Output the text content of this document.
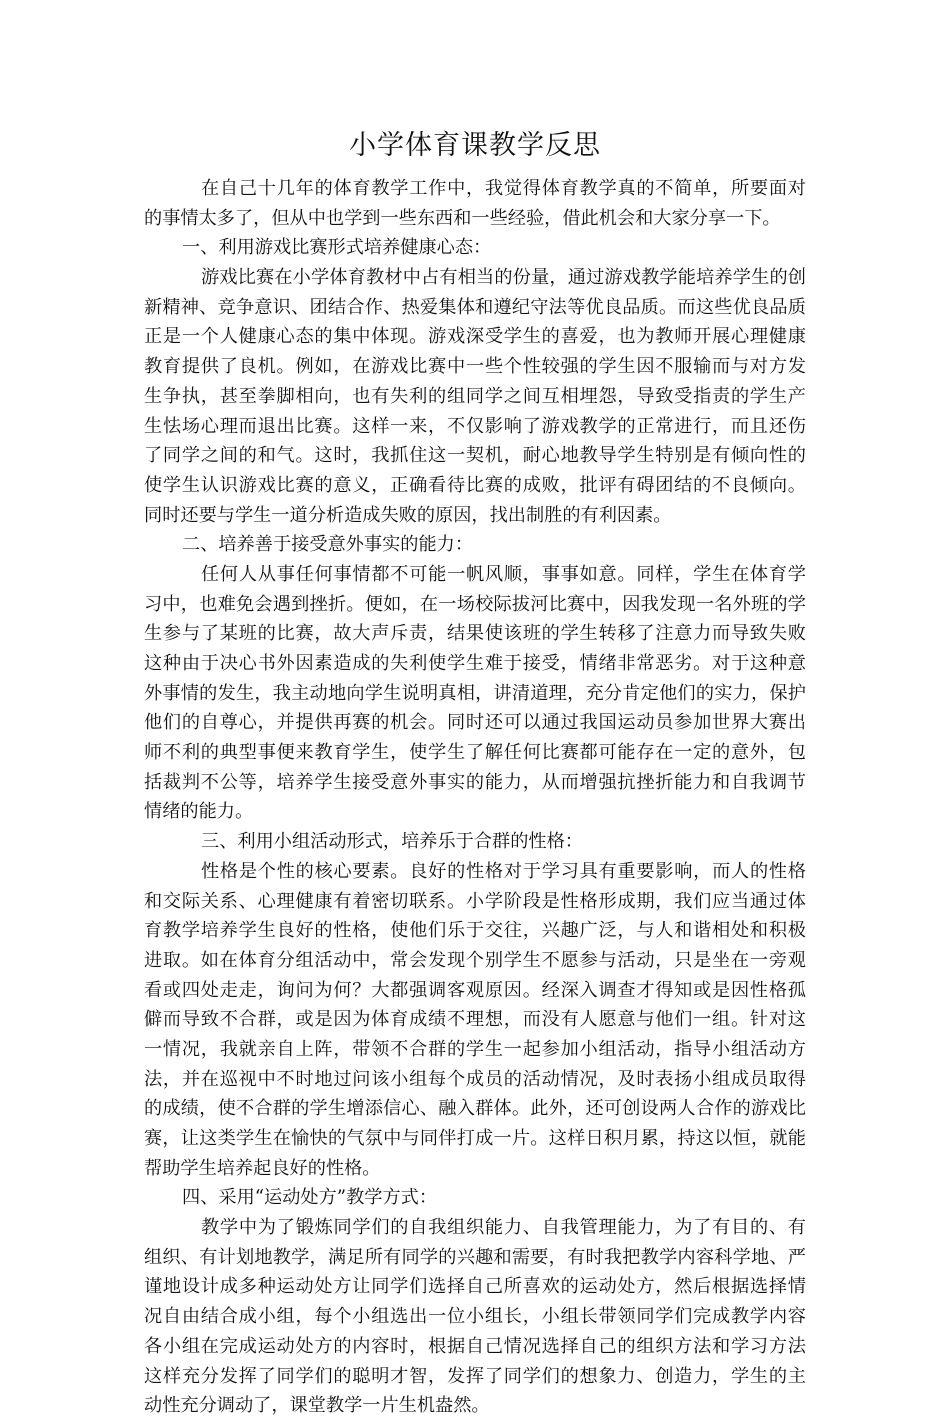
小学体育课教学反思
在自己十几年的体育教学工作中，我觉得体育教学真的不简单，所要面对
的事情太多了，但从中也学到一些东西和一些经验，借此机会和大家分享一下。
一、利用游戏比赛形式培养健康心态：
游戏比赛在小学体育教材中占有相当的份量，通过游戏教学能培养学生的创
新精神、竞争意识、团结合作、热爱集体和遵纪守法等优良品质。而这些优良品质
正是一个人健康心态的集中体现。游戏深受学生的喜爱，也为教师开展心理健康
教育提供了良机。例如，在游戏比赛中一些个性较强的学生因不服输而与对方发
生争执，甚至拳脚相向，也有失利的组同学之间互相埋怨，导致受指责的学生产
生怯场心理而退出比赛。这样一来，不仅影响了游戏教学的正常进行，而且还伤
了同学之间的和气。这时，我抓住这一契机，耐心地教导学生特别是有倾向性的
使学生认识游戏比赛的意义，正确看待比赛的成败，批评有碍团结的不良倾向。
同时还要与学生一道分析造成失败的原因，找出制胜的有利因素。
二、培养善于接受意外事实的能力：
任何人从事任何事情都不可能一帆风顺，事事如意。同样，学生在体育学
习中，也难免会遇到挫折。便如，在一场校际拔河比赛中，因我发现一名外班的学
生参与了某班的比赛，故大声斥责，结果使该班的学生转移了注意力而导致失败
这种由于决心书外因素造成的失利使学生难于接受，情绪非常恶劣。对于这种意
外事情的发生，我主动地向学生说明真相，讲清道理，充分肯定他们的实力，保护
他们的自尊心，并提供再赛的机会。同时还可以通过我国运动员参加世界大赛出
师不利的典型事便来教育学生，使学生了解任何比赛都可能存在一定的意外，包
括裁判不公等，培养学生接受意外事实的能力，从而增强抗挫折能力和自我调节
情绪的能力。
三、利用小组活动形式，培养乐于合群的性格：
性格是个性的核心要素。良好的性格对于学习具有重要影响，而人的性格
和交际关系、心理健康有着密切联系。小学阶段是性格形成期，我们应当通过体
育教学培养学生良好的性格，使他们乐于交往，兴趣广泛，与人和谐相处和积极
进取。如在体育分组活动中，常会发现个别学生不愿参与活动，只是坐在一旁观
看或四处走走，询问为何？大都强调客观原因。经深入调查才得知或是因性格孤
僻而导致不合群，或是因为体育成绩不理想，而没有人愿意与他们一组。针对这
一情况，我就亲自上阵，带领不合群的学生一起参加小组活动，指导小组活动方
法，并在巡视中不时地过问该小组每个成员的活动情况，及时表扬小组成员取得
的成绩，使不合群的学生增添信心、融入群体。此外，还可创设两人合作的游戏比
赛，让这类学生在愉快的气氛中与同伴打成一片。这样日积月累，持这以恒，就能
帮助学生培养起良好的性格。
四、采用“运动处方”教学方式：
教学中为了锻炼同学们的自我组织能力、自我管理能力，为了有目的、有
组织、有计划地教学，满足所有同学的兴趣和需要，有时我把教学内容科学地、严
谨地设计成多种运动处方让同学们选择自己所喜欢的运动处方，然后根据选择情
况自由结合成小组，每个小组选出一位小组长，小组长带领同学们完成教学内容
各小组在完成运动处方的内容时，根据自己情况选择自己的组织方法和学习方法
这样充分发挥了同学们的聪明才智，发挥了同学们的想象力、创造力，学生的主
动性充分调动了，课堂教学一片生机盎然。
